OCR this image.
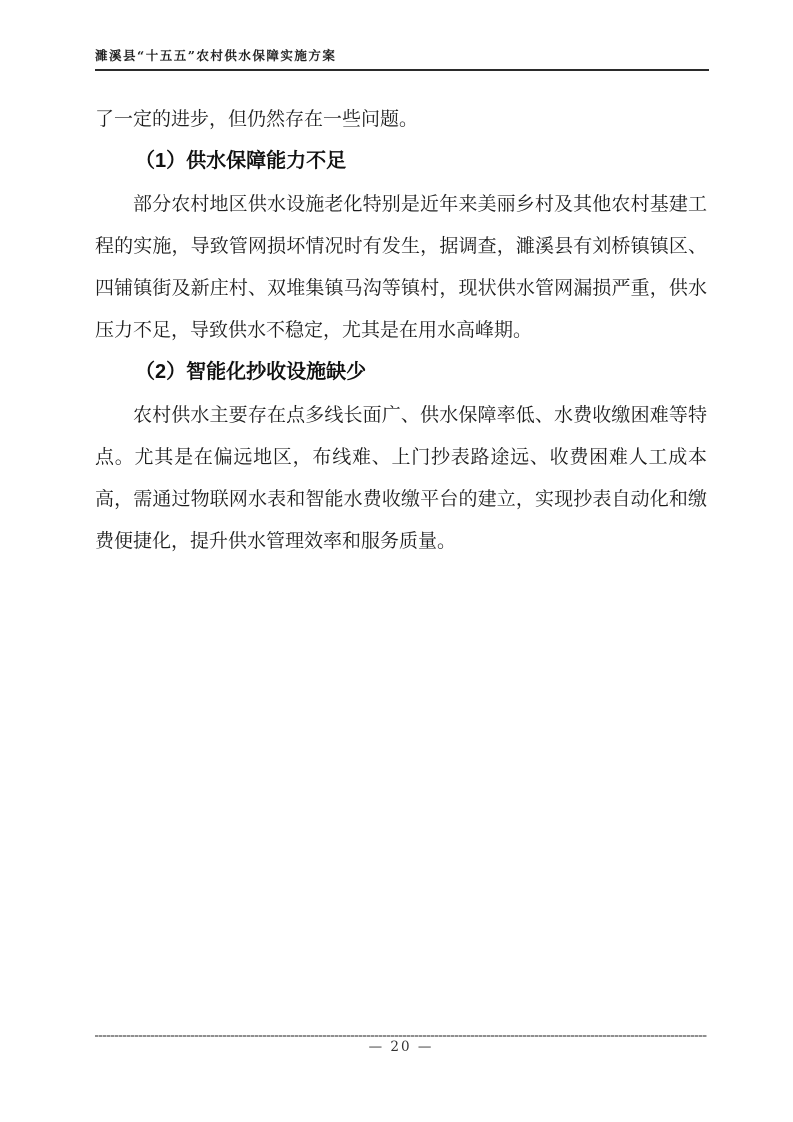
濉溪县“十五五”农村供水保障实施方案

了一定的进步，但仍然存在一些问题。

（1）供水保障能力不足

部分农村地区供水设施老化特别是近年来美丽乡村及其他农村基建工程的实施，导致管网损坏情况时有发生，据调查，濉溪县有刘桥镇镇区、四铺镇街及新庄村、双堆集镇马沟等镇村，现状供水管网漏损严重，供水压力不足，导致供水不稳定，尤其是在用水高峰期。

（2）智能化抄收设施缺少

农村供水主要存在点多线长面广、供水保障率低、水费收缴困难等特点。尤其是在偏远地区，布线难、上门抄表路途远、收费困难人工成本高，需通过物联网水表和智能水费收缴平台的建立，实现抄表自动化和缴费便捷化，提升供水管理效率和服务质量。

— 20 —
